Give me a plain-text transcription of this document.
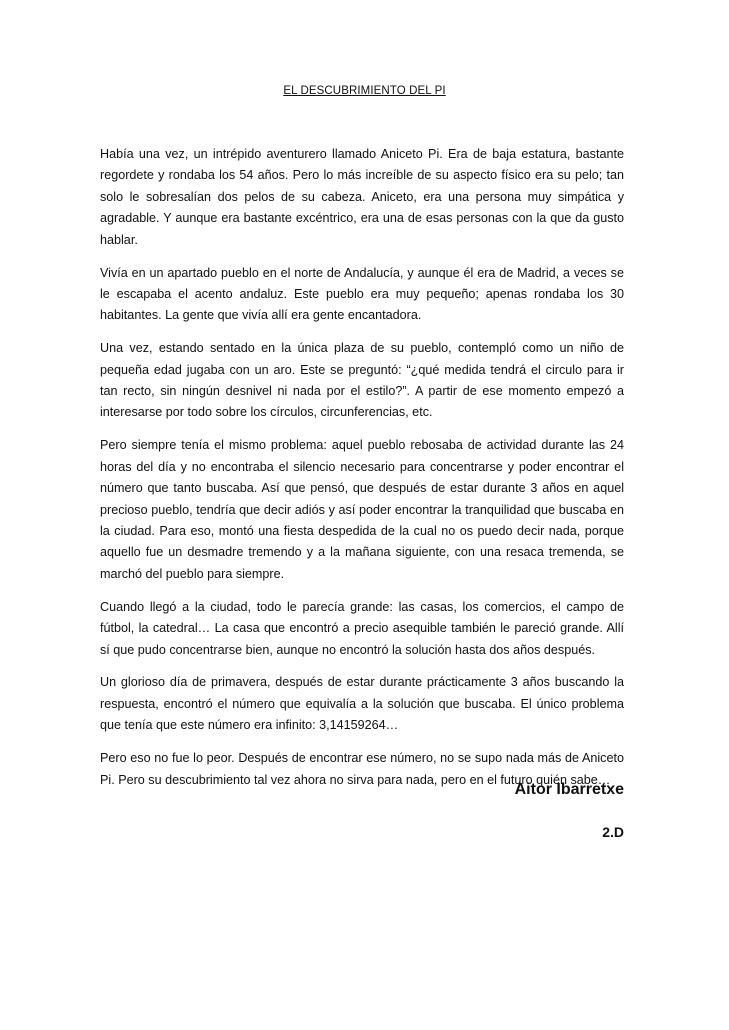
EL DESCUBRIMIENTO DEL PI

Había una vez, un intrépido aventurero llamado Aniceto Pi. Era de baja estatura, bastante regordete y rondaba los 54 años. Pero lo más increíble de su aspecto físico era su pelo; tan solo le sobresalían dos pelos de su cabeza. Aniceto, era una persona muy simpática y agradable. Y aunque era bastante excéntrico, era una de esas personas con la que da gusto hablar.

Vivía en un apartado pueblo en el norte de Andalucía, y aunque él era de Madrid, a veces se le escapaba el acento andaluz. Este pueblo era muy pequeño; apenas rondaba los 30 habitantes. La gente que vivía allí era gente encantadora.

Una vez, estando sentado en la única plaza de su pueblo, contempló como un niño de pequeña edad jugaba con un aro. Este se preguntó: “¿qué medida tendrá el circulo para ir tan recto, sin ningún desnivel ni nada por el estilo?”. A partir de ese momento empezó a interesarse por todo sobre los círculos, circunferencias, etc.

Pero siempre tenía el mismo problema: aquel pueblo rebosaba de actividad durante las 24 horas del día y no encontraba el silencio necesario para concentrarse y poder encontrar el número que tanto buscaba. Así que pensó, que después de estar durante 3 años en aquel precioso pueblo, tendría que decir adiós y así poder encontrar la tranquilidad que buscaba en la ciudad. Para eso, montó una fiesta despedida de la cual no os puedo decir nada, porque aquello fue un desmadre tremendo y a la mañana siguiente, con una resaca tremenda, se marchó del pueblo para siempre.

Cuando llegó a la ciudad, todo le parecía grande: las casas, los comercios, el campo de fútbol, la catedral… La casa que encontró a precio asequible también le pareció grande. Allí sí que pudo concentrarse bien, aunque no encontró la solución hasta dos años después.

Un glorioso día de primavera, después de estar durante prácticamente 3 años buscando la respuesta, encontró el número que equivalía a la solución que buscaba. El único problema que tenía que este número era infinito: 3,14159264…

Pero eso no fue lo peor. Después de encontrar ese número, no se supo nada más de Aniceto Pi. Pero su descubrimiento tal vez ahora no sirva para nada, pero en el futuro quién sabe…

Aitor Ibarretxe
2.D
